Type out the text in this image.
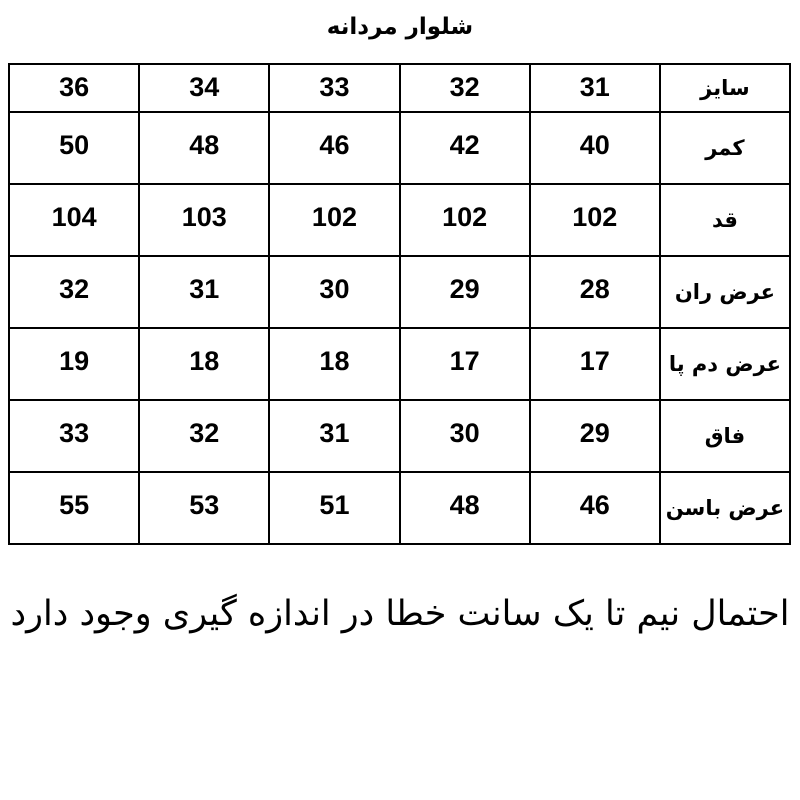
شلوار مردانه
سایز	31	32	33	34	36
کمر	40	42	46	48	50
قد	102	102	102	103	104
عرض ران	28	29	30	31	32
عرض دم پا	17	17	18	18	19
فاق	29	30	31	32	33
عرض باسن	46	48	51	53	55
احتمال نیم تا یک سانت خطا در اندازه گیری وجود دارد
